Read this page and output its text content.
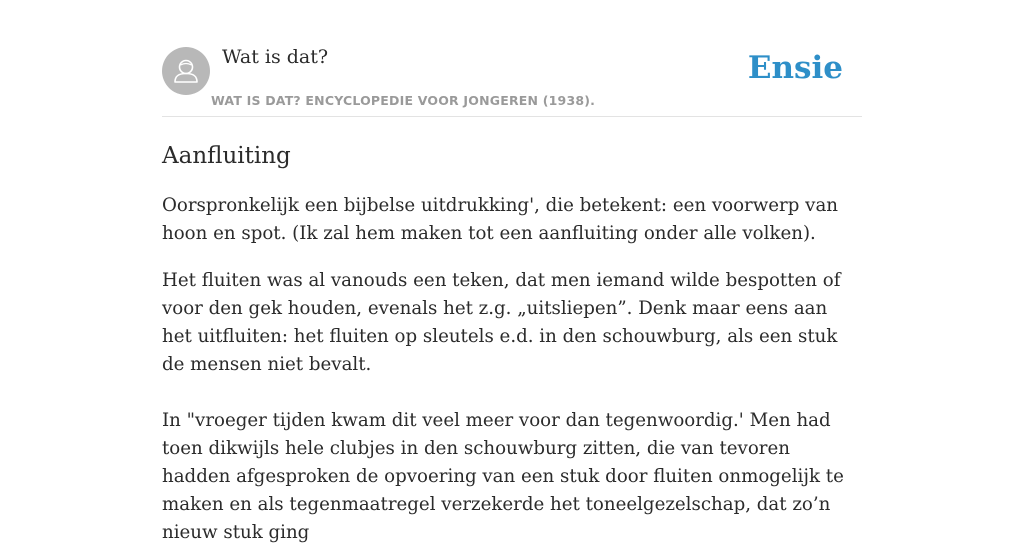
Wat is dat?
WAT IS DAT? ENCYCLOPEDIE VOOR JONGEREN (1938).
Ensie
Aanfluiting

Oorspronkelijk een bijbelse uitdrukking', die betekent: een voorwerp van hoon en spot. (Ik zal hem maken tot een aanfluiting onder alle volken).

Het fluiten was al vanouds een teken, dat men iemand wilde bespotten of voor den gek houden, evenals het z.g. „uitsliepen”. Denk maar eens aan het uitfluiten: het fluiten op sleutels e.d. in den schouwburg, als een stuk de mensen niet bevalt.

In "vroeger tijden kwam dit veel meer voor dan tegenwoordig.' Men had toen dikwijls hele clubjes in den schouwburg zitten, die van tevoren hadden afgesproken de opvoering van een stuk door fluiten onmogelijk te maken en als tegenmaatregel verzekerde het toneelgezelschap, dat zo’n nieuw stuk ging
